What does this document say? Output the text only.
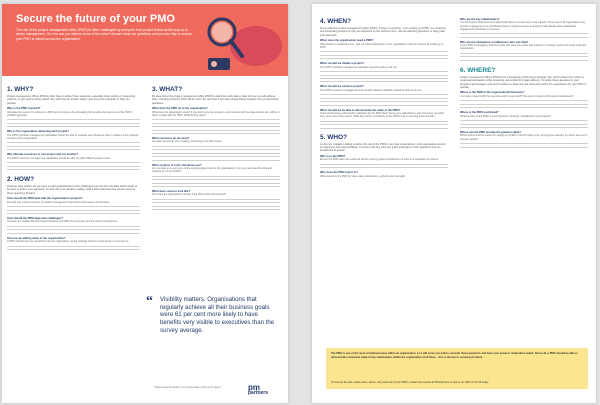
Secure the future of your PMO
The role of the project management office (PMO) is often challenged by everyone from project teams all the way up to senior management. So how can you silence some of the noise? Answer these six questions and you can help to ensure your PMO is valued across the organisation.
1. WHY?
Project management offices (PMOs) often have to defend their existence, especially when cutting or postponing projects, so get used to being ‘asked why’ and have an answer ready. Here are a few examples to help you prepare.
Why is the PMO required?
Articulate the reason for setting up a PMO and its purpose by articulating the benefits and outcomes of the PMO’s portfolio approach.
Why is the organisation delivering each project?
The PMO’s portfolio management capabilities should be able to evaluate each business case in relation to the strategic function of the organisation.
Why allocate resources to one project and not another?
The PMO’s resource management capabilities should be able to justify different project needs.
2. HOW?
However wise matters as you have a solid understanding of the challenges and can then prioritise which needs to be done to inform your approach. To help with your decision making, hold a team brainstorming session and put these questions forward.
How should the PMO deal with the organisation’s projects?
Develop and embed a system of portfolio management that tracks performance and benefits.
How should the PMO approach challenges?
Consider the relationship and support between the PMO, the executive and the project practitioners.
How are we adding value to the organisation?
A PMO should have the overall line into the organisation via the strategic benefit of each project or investment.
3. WHAT?
Be clear about the project management office (PMO)’s objectives and make it clear for how you will achieve them. Including what the PMO will do, won’t do, and how it can help people deliver projects. Are you and those questions:
What does the PMO do in the organisation?
What does the organisation need? If you don’t know the answers, communicate with the stakeholders who will be in direct contact with the PMO. What do they want?
What resources do we need?
Consider personnel, time, funding, technology and office space.
What systems or tools should we use?
Are you able to co-opt some of the existing project tools in the organisation or do you need specific tools and systems to run as a PMO?
What does success look like?
How does the organisation function if the PMO works as intended?
“ Visibility matters. Organisations that regularly achieve all their business goals were 61 per cent more likely to have benefits very visible to executives than the survey average.
*https://www.bmcedorm.com/c/dp/-state-of-the-pmo-report	pm
partners
4. WHEN?
For an effective project management office (PMO), timing is everything - from setting up a PMO, to monitoring and scheduling projects so they are delivered on the optimum time. Use the following questions to help guide your approach.
When does the organisation need a PMO?
Often before it establishes one - find out which challenges in your organisation could be relieved by setting up a PMO.
When should we initiate a project?
The PMO’s portfolio management capability should be able to tell you.
When should we cancel a project?
The PMO’s resource management and benefits tracking capability should be able to tell you.
When should we be able to demonstrate the value of the PMO?
Track performance and benefits realisation for the PMO itself. Survey key stakeholders and executives get what they need, when they need it. What they report, contributes to the PMO’s role in securing those benefits.
5. WHO?
A common mistake is failing to define the role of the PMO or set clear expectations in the organisation around its objectives and responsibilities. To ensure this buy, here are a few examples of ‘who’ questions that you should look to answer.
Who is in the PMO?
Ensure the PMO team has a diverse identity among project practitioners so there is a separation of powers.
Who does the PMO report to?
Write reports to the PMO for clear value propositions, authority and oversight.
Who are the key stakeholders?
You will need to build trust and rapport with them to secure buy-in and support. Seven out of 10 organisations say sponsor engagement is a contributing factor to project success and almost half indicate other stakeholder engagement contributes to success.
Who are the champions or influencers who can help?
If your PMO is struggling, find the people who have the power and influence to change needs and minds within the organisation.
6. WHERE?
Project management offices (PMOs) are increasingly performing a strategic role, which places them close to organisational leaders while remaining responsible for project delivery. To tackle these questions to your programmes/managers and senior leaders to determine the best place within the organisation for your PMO to operate.
Where is the PMO in the organisational hierarchy?
Your place interact with the executive and C-suite itself? How does it interact with project practitioners?
Where is the PMO positioned?
What function of the PMO is most important: strategic, operational or governance?
Where can the PMO provide the greatest value?
PMOs evolve and the reason for setting up a PMO in the first place may no longer be relevant, so where else can it provide support?
The PMO is one of the most scrutinised areas within an organisation, so it will serve you well to consider these questions and have your answers ready when asked. Above all, a PMO should be able to demonstrate consistent value to key stakeholders within the organisation at all times – this is the key to securing its future.
To find out the who, what, when, where, why and how of your PMO, contact the experts at PM-Partners or call us on 1300 70 12 16 today.
